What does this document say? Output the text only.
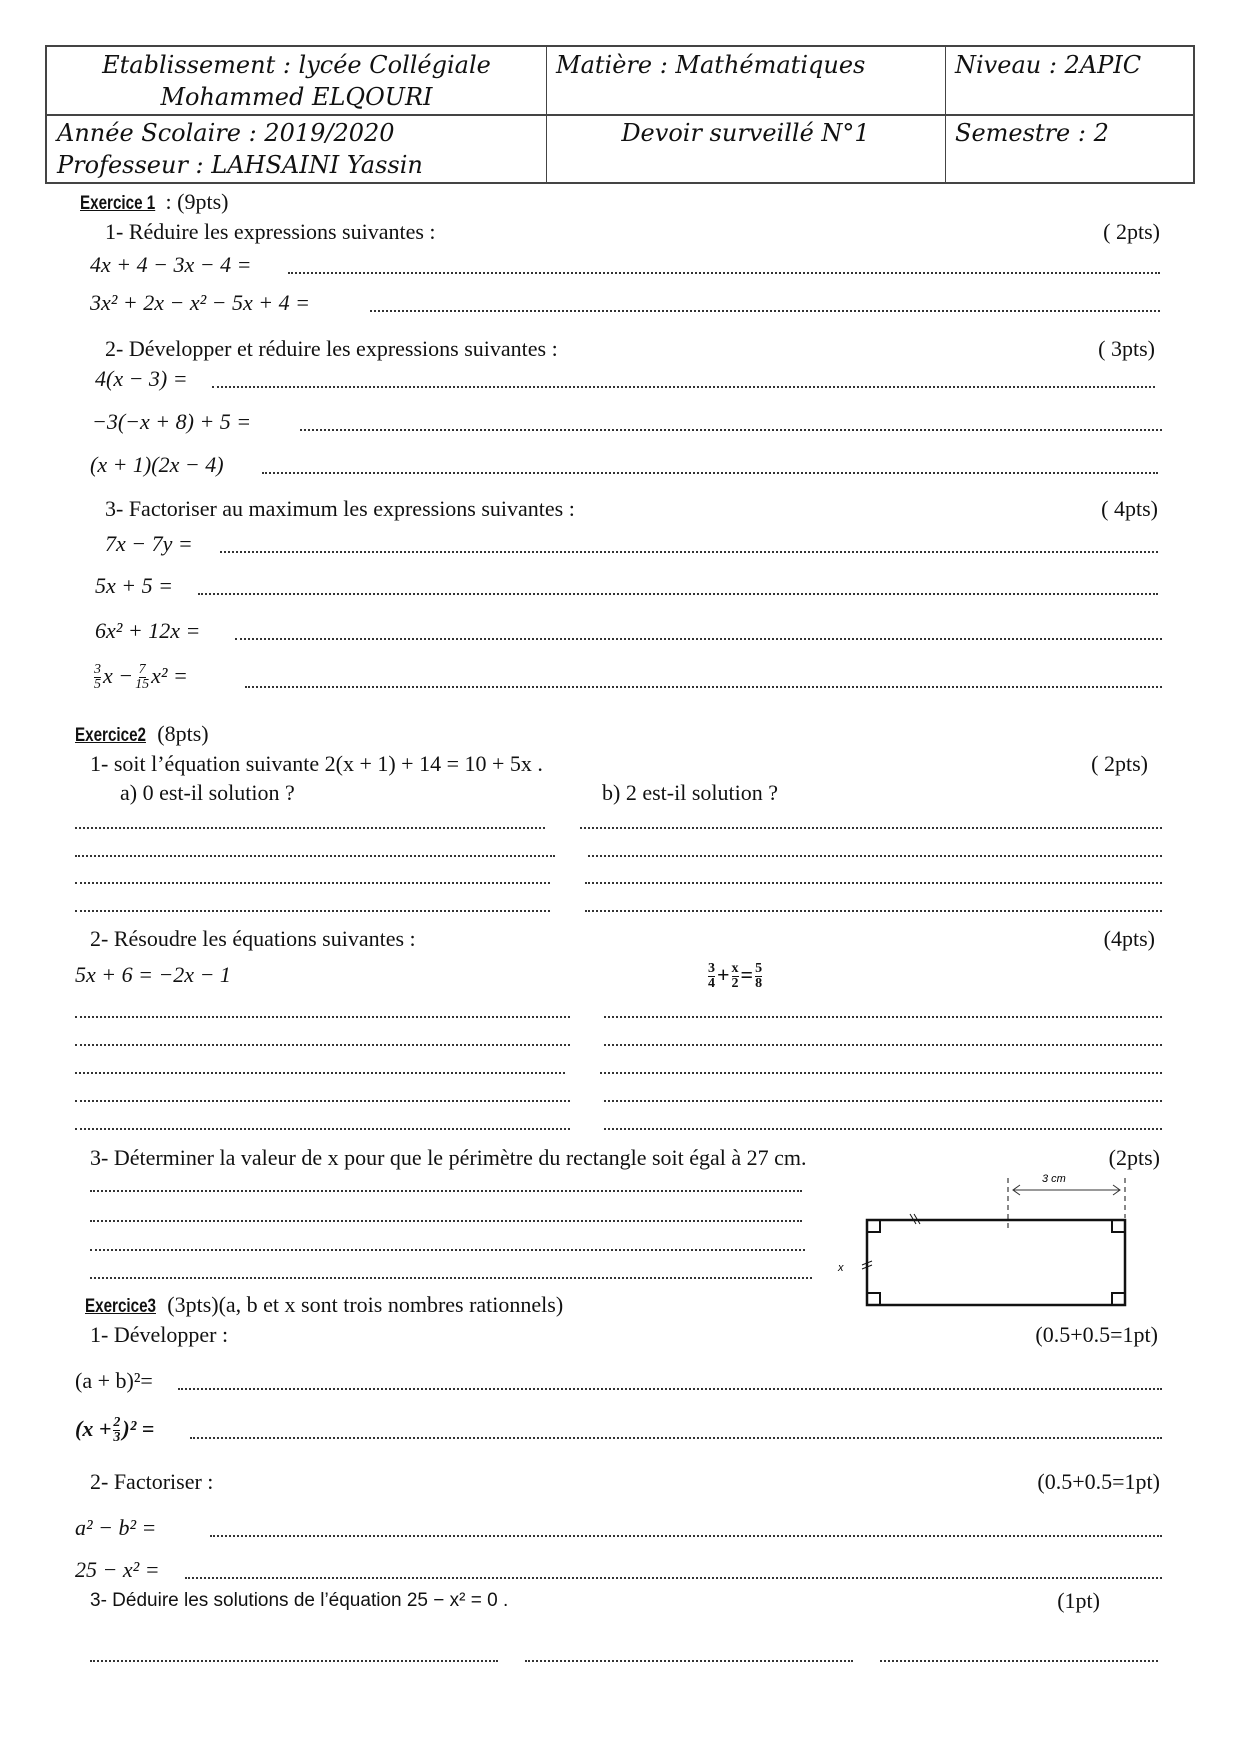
Etablissement : lycée Collégiale
Mohammed ELQOURI
Matière : Mathématiques	Niveau : 2APIC
Année Scolaire : 2019/2020
Professeur : LAHSAINI Yassin
Devoir surveillé N°1	Semestre : 2
Exercice 1 : (9pts)
1- Réduire les expressions suivantes :	( 2pts)
4x + 4 − 3x − 4 =
3x² + 2x − x² − 5x + 4 =
2- Développer et réduire les expressions suivantes :	( 3pts)
4(x − 3) =
−3(−x + 8) + 5 =
(x + 1)(2x − 4)
3- Factoriser au maximum les expressions suivantes :	( 4pts)
7x − 7y =
5x + 5 =
6x² + 12x =
$\frac{3}{5}$ $x - \frac{7}{15} x^2$ =
Exercice2 (8pts)
1- soit l’équation suivante 2(x + 1) + 14 = 10 + 5x .	( 2pts)
a) 0 est-il solution ?	b) 2 est-il solution ?
2- Résoudre les équations suivantes :	(4pts)
5x + 6 = −2x − 1	$\frac{3}{4} + \frac{x}{2} = \frac{5}{8}$
3- Déterminer la valeur de x pour que le périmètre du rectangle soit égal à 27 cm.	(2pts)
3 cm
x
Exercice3 (3pts)(a, b et x sont trois nombres rationnels)
1- Développer :	(0.5+0.5=1pt)
(a + b)²=
$(x + \frac{2}{3} )^2$ =
2- Factoriser :	(0.5+0.5=1pt)
a² − b² =
25 − x² =
3- Déduire les solutions de l’équation 25 − x² = 0 .	(1pt)
